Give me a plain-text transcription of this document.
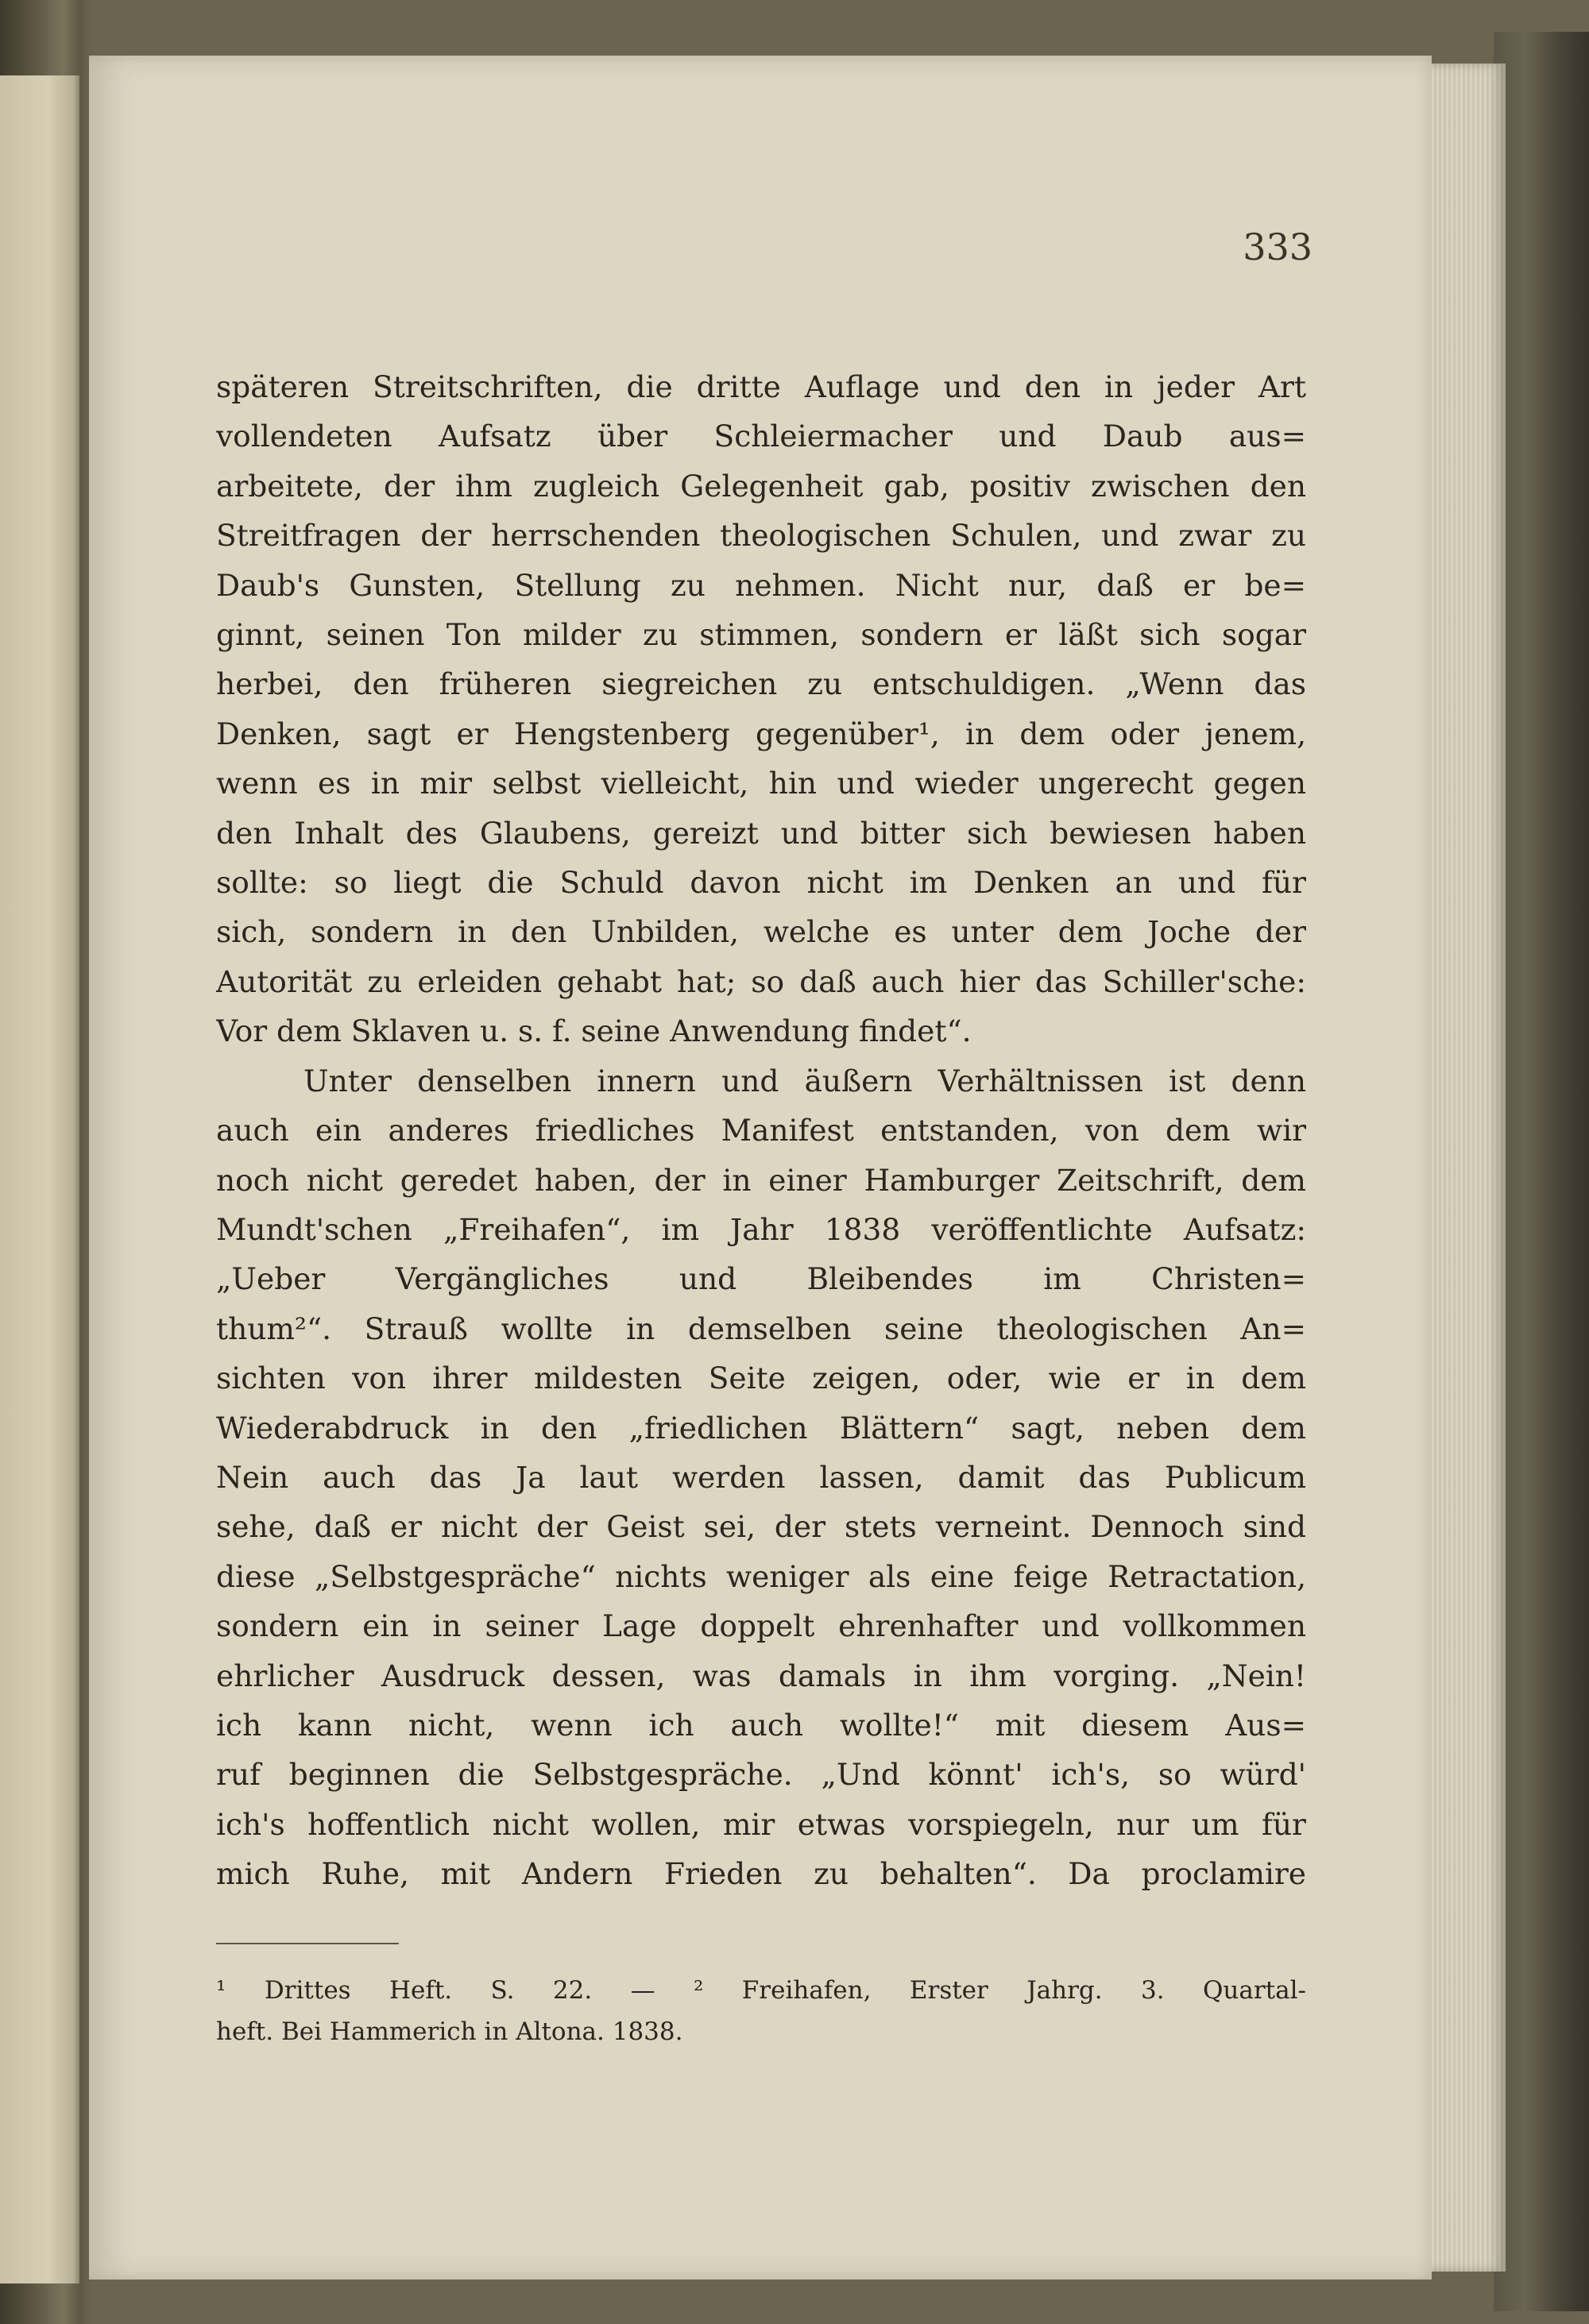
333
späteren Streitschriften, die dritte Auflage und den in jeder Art
vollendeten Aufsatz über Schleiermacher und Daub aus=
arbeitete, der ihm zugleich Gelegenheit gab, positiv zwischen den
Streitfragen der herrschenden theologischen Schulen, und zwar zu
Daub's Gunsten, Stellung zu nehmen. Nicht nur, daß er be=
ginnt, seinen Ton milder zu stimmen, sondern er läßt sich sogar
herbei, den früheren siegreichen zu entschuldigen. „Wenn das
Denken, sagt er Hengstenberg gegenüber¹, in dem oder jenem,
wenn es in mir selbst vielleicht, hin und wieder ungerecht gegen
den Inhalt des Glaubens, gereizt und bitter sich bewiesen haben
sollte: so liegt die Schuld davon nicht im Denken an und für
sich, sondern in den Unbilden, welche es unter dem Joche der
Autorität zu erleiden gehabt hat; so daß auch hier das Schiller'sche:
Vor dem Sklaven u. s. f. seine Anwendung findet“.
Unter denselben innern und äußern Verhältnissen ist denn
auch ein anderes friedliches Manifest entstanden, von dem wir
noch nicht geredet haben, der in einer Hamburger Zeitschrift, dem
Mundt'schen „Freihafen“, im Jahr 1838 veröffentlichte Aufsatz:
„Ueber Vergängliches und Bleibendes im Christen=
thum²“. Strauß wollte in demselben seine theologischen An=
sichten von ihrer mildesten Seite zeigen, oder, wie er in dem
Wiederabdruck in den „friedlichen Blättern“ sagt, neben dem
Nein auch das Ja laut werden lassen, damit das Publicum
sehe, daß er nicht der Geist sei, der stets verneint. Dennoch sind
diese „Selbstgespräche“ nichts weniger als eine feige Retractation,
sondern ein in seiner Lage doppelt ehrenhafter und vollkommen
ehrlicher Ausdruck dessen, was damals in ihm vorging. „Nein!
ich kann nicht, wenn ich auch wollte!“ mit diesem Aus=
ruf beginnen die Selbstgespräche. „Und könnt' ich's, so würd'
ich's hoffentlich nicht wollen, mir etwas vorspiegeln, nur um für
mich Ruhe, mit Andern Frieden zu behalten“. Da proclamire
¹ Drittes Heft. S. 22. — ² Freihafen, Erster Jahrg. 3. Quartal-
heft. Bei Hammerich in Altona. 1838.
